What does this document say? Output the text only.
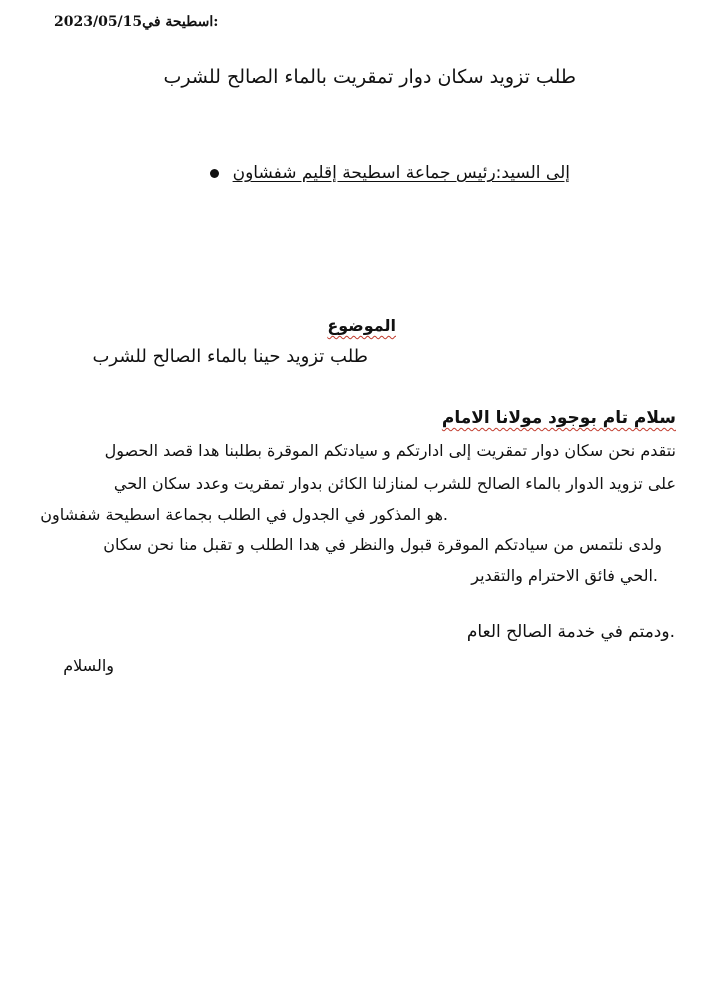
اسطيحة في2023/05/15:
طلب تزويد سكان دوار تمقريت بالماء الصالح للشرب
إلى السيد:رئيس جماعة اسطيحة إقليم شفشاون
الموضوع
طلب تزويد حينا بالماء الصالح للشرب
سلام تام بوجود مولانا الامام
نتقدم نحن سكان دوار تمقريت إلى ادارتكم و سيادتكم الموقرة بطلبنا هدا قصد الحصول
على تزويد الدوار بالماء الصالح للشرب لمنازلنا الكائن بدوار تمقريت وعدد سكان الحي
.هو المذكور في الجدول في الطلب بجماعة اسطيحة شفشاون
ولدى نلتمس من سيادتكم الموقرة قبول والنظر في هدا الطلب و تقبل منا نحن سكان
.الحي فائق الاحترام والتقدير
.ودمتم في خدمة الصالح العام
والسلام
